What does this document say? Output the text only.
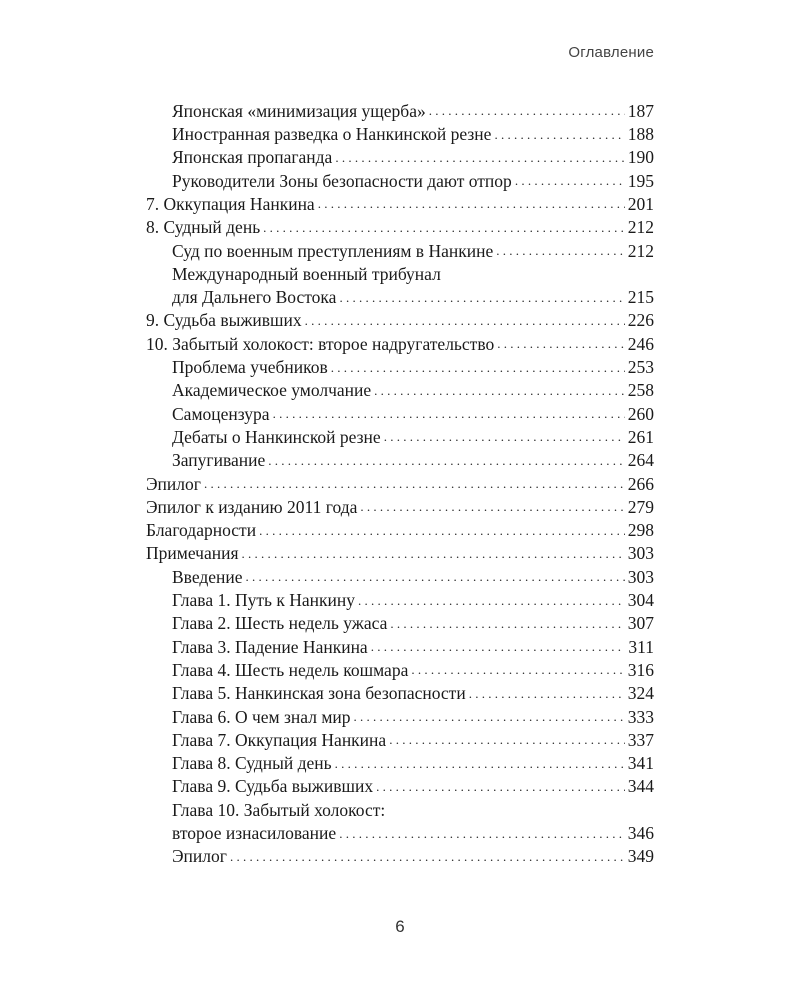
Оглавление
Японская «минимизация ущерба» . . .	187
Иностранная разведка о Нанкинской резне . . .	188
Японская пропаганда . . .	190
Руководители Зоны безопасности дают отпор . . .	195
7. Оккупация Нанкина . . .	201
8. Судный день . . .	212
Суд по военным преступлениям в Нанкине . . .	212
Международный военный трибунал
для Дальнего Востока . . .	215
9. Судьба выживших . . .	226
10. Забытый холокост: второе надругательство . . .	246
Проблема учебников . . .	253
Академическое умолчание . . .	258
Самоцензура . . .	260
Дебаты о Нанкинской резне . . .	261
Запугивание . . .	264
Эпилог . . .	266
Эпилог к изданию 2011 года . . .	279
Благодарности . . .	298
Примечания . . .	303
Введение . . .	303
Глава 1. Путь к Нанкину . . .	304
Глава 2. Шесть недель ужаса . . .	307
Глава 3. Падение Нанкина . . .	311
Глава 4. Шесть недель кошмара . . .	316
Глава 5. Нанкинская зона безопасности . . .	324
Глава 6. О чем знал мир . . .	333
Глава 7. Оккупация Нанкина . . .	337
Глава 8. Судный день . . .	341
Глава 9. Судьба выживших . . .	344
Глава 10. Забытый холокост:
второе изнасилование . . .	346
Эпилог . . .	349
6
